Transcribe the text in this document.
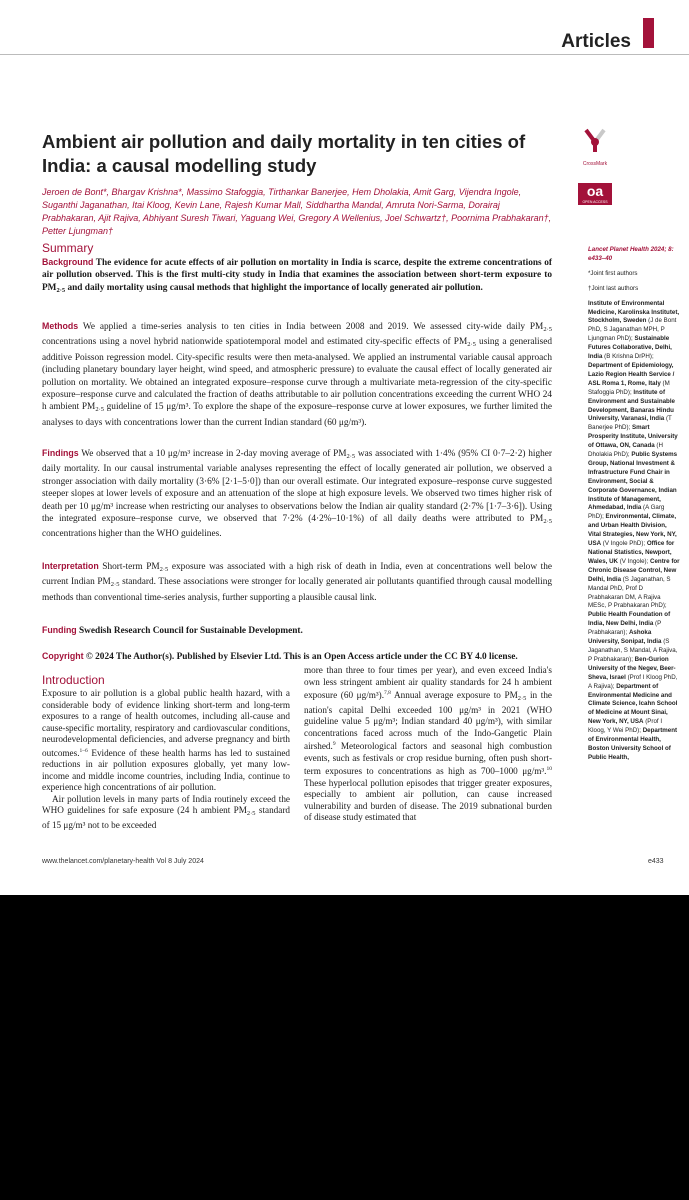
Articles
Ambient air pollution and daily mortality in ten cities of India: a causal modelling study	CrossMark
oa
OPEN ACCESS

Jeroen de Bont*, Bhargav Krishna*, Massimo Stafoggia, Tirthankar Banerjee, Hem Dholakia, Amit Garg, Vijendra Ingole, Suganthi Jaganathan, Itai Kloog, Kevin Lane, Rajesh Kumar Mall, Siddhartha Mandal, Amruta Nori-Sarma, Dorairaj Prabhakaran, Ajit Rajiva, Abhiyant Suresh Tiwari, Yaguang Wei, Gregory A Wellenius, Joel Schwartz†, Poornima Prabhakaran†, Petter Ljungman†

Summary

Background The evidence for acute effects of air pollution on mortality in India is scarce, despite the extreme concentrations of air pollution observed. This is the first multi-city study in India that examines the association between short-term exposure to $PM_{2\cdot 5}$ and daily mortality using causal methods that highlight the importance of locally generated air pollution.

Methods We applied a time-series analysis to ten cities in India between 2008 and 2019. We assessed city-wide daily $PM_{2\cdot 5}$ concentrations using a novel hybrid nationwide spatiotemporal model and estimated city-specific effects of $PM_{2\cdot 5}$ using a generalised additive Poisson regression model. City-specific results were then meta-analysed. We applied an instrumental variable causal approach (including planetary boundary layer height, wind speed, and atmospheric pressure) to evaluate the causal effect of locally generated air pollution on mortality. We obtained an integrated exposure–response curve through a multivariate meta-regression of the city-specific exposure–response curve and calculated the fraction of deaths attributable to air pollution concentrations exceeding the current WHO 24 h ambient $PM_{2\cdot 5}$ guideline of 15 μg/m³. To explore the shape of the exposure–response curve at lower exposures, we further limited the analyses to days with concentrations lower than the current Indian standard (60 μg/m³).

Findings We observed that a 10 μg/m³ increase in 2-day moving average of $PM_{2\cdot 5}$ was associated with 1·4% (95% CI 0·7–2·2) higher daily mortality. In our causal instrumental variable analyses representing the effect of locally generated air pollution, we observed a stronger association with daily mortality (3·6% [2·1–5·0]) than our overall estimate. Our integrated exposure–response curve suggested steeper slopes at lower levels of exposure and an attenuation of the slope at high exposure levels. We observed two times higher risk of death per 10 μg/m³ increase when restricting our analyses to observations below the Indian air quality standard (2·7% [1·7–3·6]). Using the integrated exposure–response curve, we observed that 7·2% (4·2%–10·1%) of all daily deaths were attributed to $PM_{2\cdot 5}$ concentrations higher than the WHO guidelines.

Interpretation Short-term $PM_{2\cdot 5}$ exposure was associated with a high risk of death in India, even at concentrations well below the current Indian $PM_{2\cdot 5}$ standard. These associations were stronger for locally generated air pollutants quantified through causal modelling methods than conventional time-series analysis, further supporting a plausible causal link.

Funding Swedish Research Council for Sustainable Development.

Copyright © 2024 The Author(s). Published by Elsevier Ltd. This is an Open Access article under the CC BY 4.0 license.

Introduction

Exposure to air pollution is a global public health hazard, with a considerable body of evidence linking short-term and long-term exposures to a range of health outcomes, including all-cause and cause-specific mortality, respiratory and cardiovascular conditions, neurodevelopmental deficiencies, and adverse pregnancy and birth outcomes.$^{1-6}$ Evidence of these health harms has led to sustained reductions in air pollution exposures globally, yet many low-income and middle income countries, including India, continue to experience high concentrations of air pollution.

Air pollution levels in many parts of India routinely exceed the WHO guidelines for safe exposure (24 h ambient $PM_{2\cdot 5}$ standard of 15 μg/m³ not to be exceeded

more than three to four times per year), and even exceed India's own less stringent ambient air quality standards for 24 h ambient exposure (60 μg/m³).$^{7,8}$ Annual average exposure to $PM_{2\cdot 5}$ in the nation's capital Delhi exceeded 100 μg/m³ in 2021 (WHO guideline value 5 μg/m³; Indian standard 40 μg/m³), with similar concentrations faced across much of the Indo-Gangetic Plain airshed.$^9$ Meteorological factors and seasonal high combustion events, such as festivals or crop residue burning, often push short-term exposures to concentrations as high as 700–1000 μg/m³.$^{10}$ These hyperlocal pollution episodes that trigger greater exposures, especially to ambient air pollution, can cause increased vulnerability and burden of disease. The 2019 subnational burden of disease study estimated that

Lancet Planet Health 2024; 8: e433–40
*Joint first authors
†Joint last authors
Institute of Environmental Medicine, Karolinska Institutet, Stockholm, Sweden (J de Bont PhD, S Jaganathan MPH, P Ljungman PhD); Sustainable Futures Collaborative, Delhi, India (B Krishna DrPH); Department of Epidemiology, Lazio Region Health Service / ASL Roma 1, Rome, Italy (M Stafoggia PhD); Institute of Environment and Sustainable Development, Banaras Hindu University, Varanasi, India (T Banerjee PhD); Smart Prosperity Institute, University of Ottawa, ON, Canada (H Dholakia PhD); Public Systems Group, National Investment & Infrastructure Fund Chair in Environment, Social & Corporate Governance, Indian Institute of Management, Ahmedabad, India (A Garg PhD); Environmental, Climate, and Urban Health Division, Vital Strategies, New York, NY, USA (V Ingole PhD); Office for National Statistics, Newport, Wales, UK (V Ingole); Centre for Chronic Disease Control, New Delhi, India (S Jaganathan, S Mandal PhD, Prof D Prabhakaran DM, A Rajiva MESc, P Prabhakaran PhD); Public Health Foundation of India, New Delhi, India (P Prabhakaran); Ashoka University, Sonipat, India (S Jaganathan, S Mandal, A Rajiva, P Prabhakaran); Ben-Gurion University of the Negev, Beer-Sheva, Israel (Prof I Kloog PhD, A Rajiva); Department of Environmental Medicine and Climate Science, Icahn School of Medicine at Mount Sinai, New York, NY, USA (Prof I Kloog, Y Wei PhD); Department of Environmental Health, Boston University School of Public Health,
www.thelancet.com/planetary-health Vol 8 July 2024	e433
